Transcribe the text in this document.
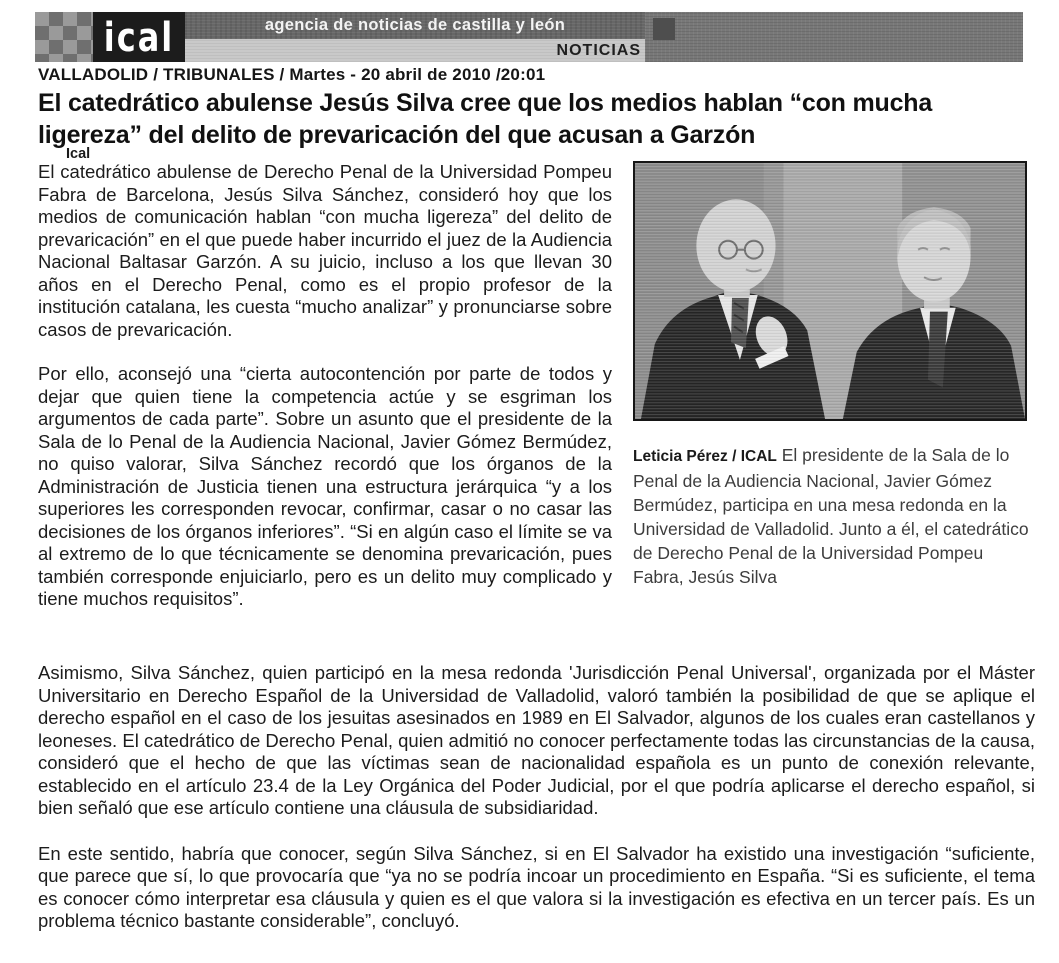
ical	agencia de noticias de castilla y león
NOTICIAS
VALLADOLID / TRIBUNALES / Martes - 20 abril de 2010 /20:01
El catedrático abulense Jesús Silva cree que los medios hablan “con mucha ligereza” del delito de prevaricación del que acusan a Garzón
Ical

El catedrático abulense de Derecho Penal de la Universidad Pompeu Fabra de Barcelona, Jesús Silva Sánchez, consideró hoy que los medios de comunicación hablan “con mucha ligereza” del delito de prevaricación” en el que puede haber incurrido el juez de la Audiencia Nacional Baltasar Garzón. A su juicio, incluso a los que llevan 30 años en el Derecho Penal, como es el propio profesor de la institución catalana, les cuesta “mucho analizar” y pronunciarse sobre casos de prevaricación.

Por ello, aconsejó una “cierta autocontención por parte de todos y dejar que quien tiene la competencia actúe y se esgriman los argumentos de cada parte”. Sobre un asunto que el presidente de la Sala de lo Penal de la Audiencia Nacional, Javier Gómez Bermúdez, no quiso valorar, Silva Sánchez recordó que los órganos de la Administración de Justicia tienen una estructura jerárquica “y a los superiores les corresponden revocar, confirmar, casar o no casar las decisiones de los órganos inferiores”. “Si en algún caso el límite se va al extremo de lo que técnicamente se denomina prevaricación, pues también corresponde enjuiciarlo, pero es un delito muy complicado y tiene muchos requisitos”.

Leticia Pérez / ICAL El presidente de la Sala de lo Penal de la Audiencia Nacional, Javier Gómez Bermúdez, participa en una mesa redonda en la Universidad de Valladolid. Junto a él, el catedrático de Derecho Penal de la Universidad Pompeu Fabra, Jesús Silva

Asimismo, Silva Sánchez, quien participó en la mesa redonda 'Jurisdicción Penal Universal', organizada por el Máster Universitario en Derecho Español de la Universidad de Valladolid, valoró también la posibilidad de que se aplique el derecho español en el caso de los jesuitas asesinados en 1989 en El Salvador, algunos de los cuales eran castellanos y leoneses. El catedrático de Derecho Penal, quien admitió no conocer perfectamente todas las circunstancias de la causa, consideró que el hecho de que las víctimas sean de nacionalidad española es un punto de conexión relevante, establecido en el artículo 23.4 de la Ley Orgánica del Poder Judicial, por el que podría aplicarse el derecho español, si bien señaló que ese artículo contiene una cláusula de subsidiaridad.

En este sentido, habría que conocer, según Silva Sánchez, si en El Salvador ha existido una investigación “suficiente, que parece que sí, lo que provocaría que “ya no se podría incoar un procedimiento en España. “Si es suficiente, el tema es conocer cómo interpretar esa cláusula y quien es el que valora si la investigación es efectiva en un tercer país. Es un problema técnico bastante considerable”, concluyó.
